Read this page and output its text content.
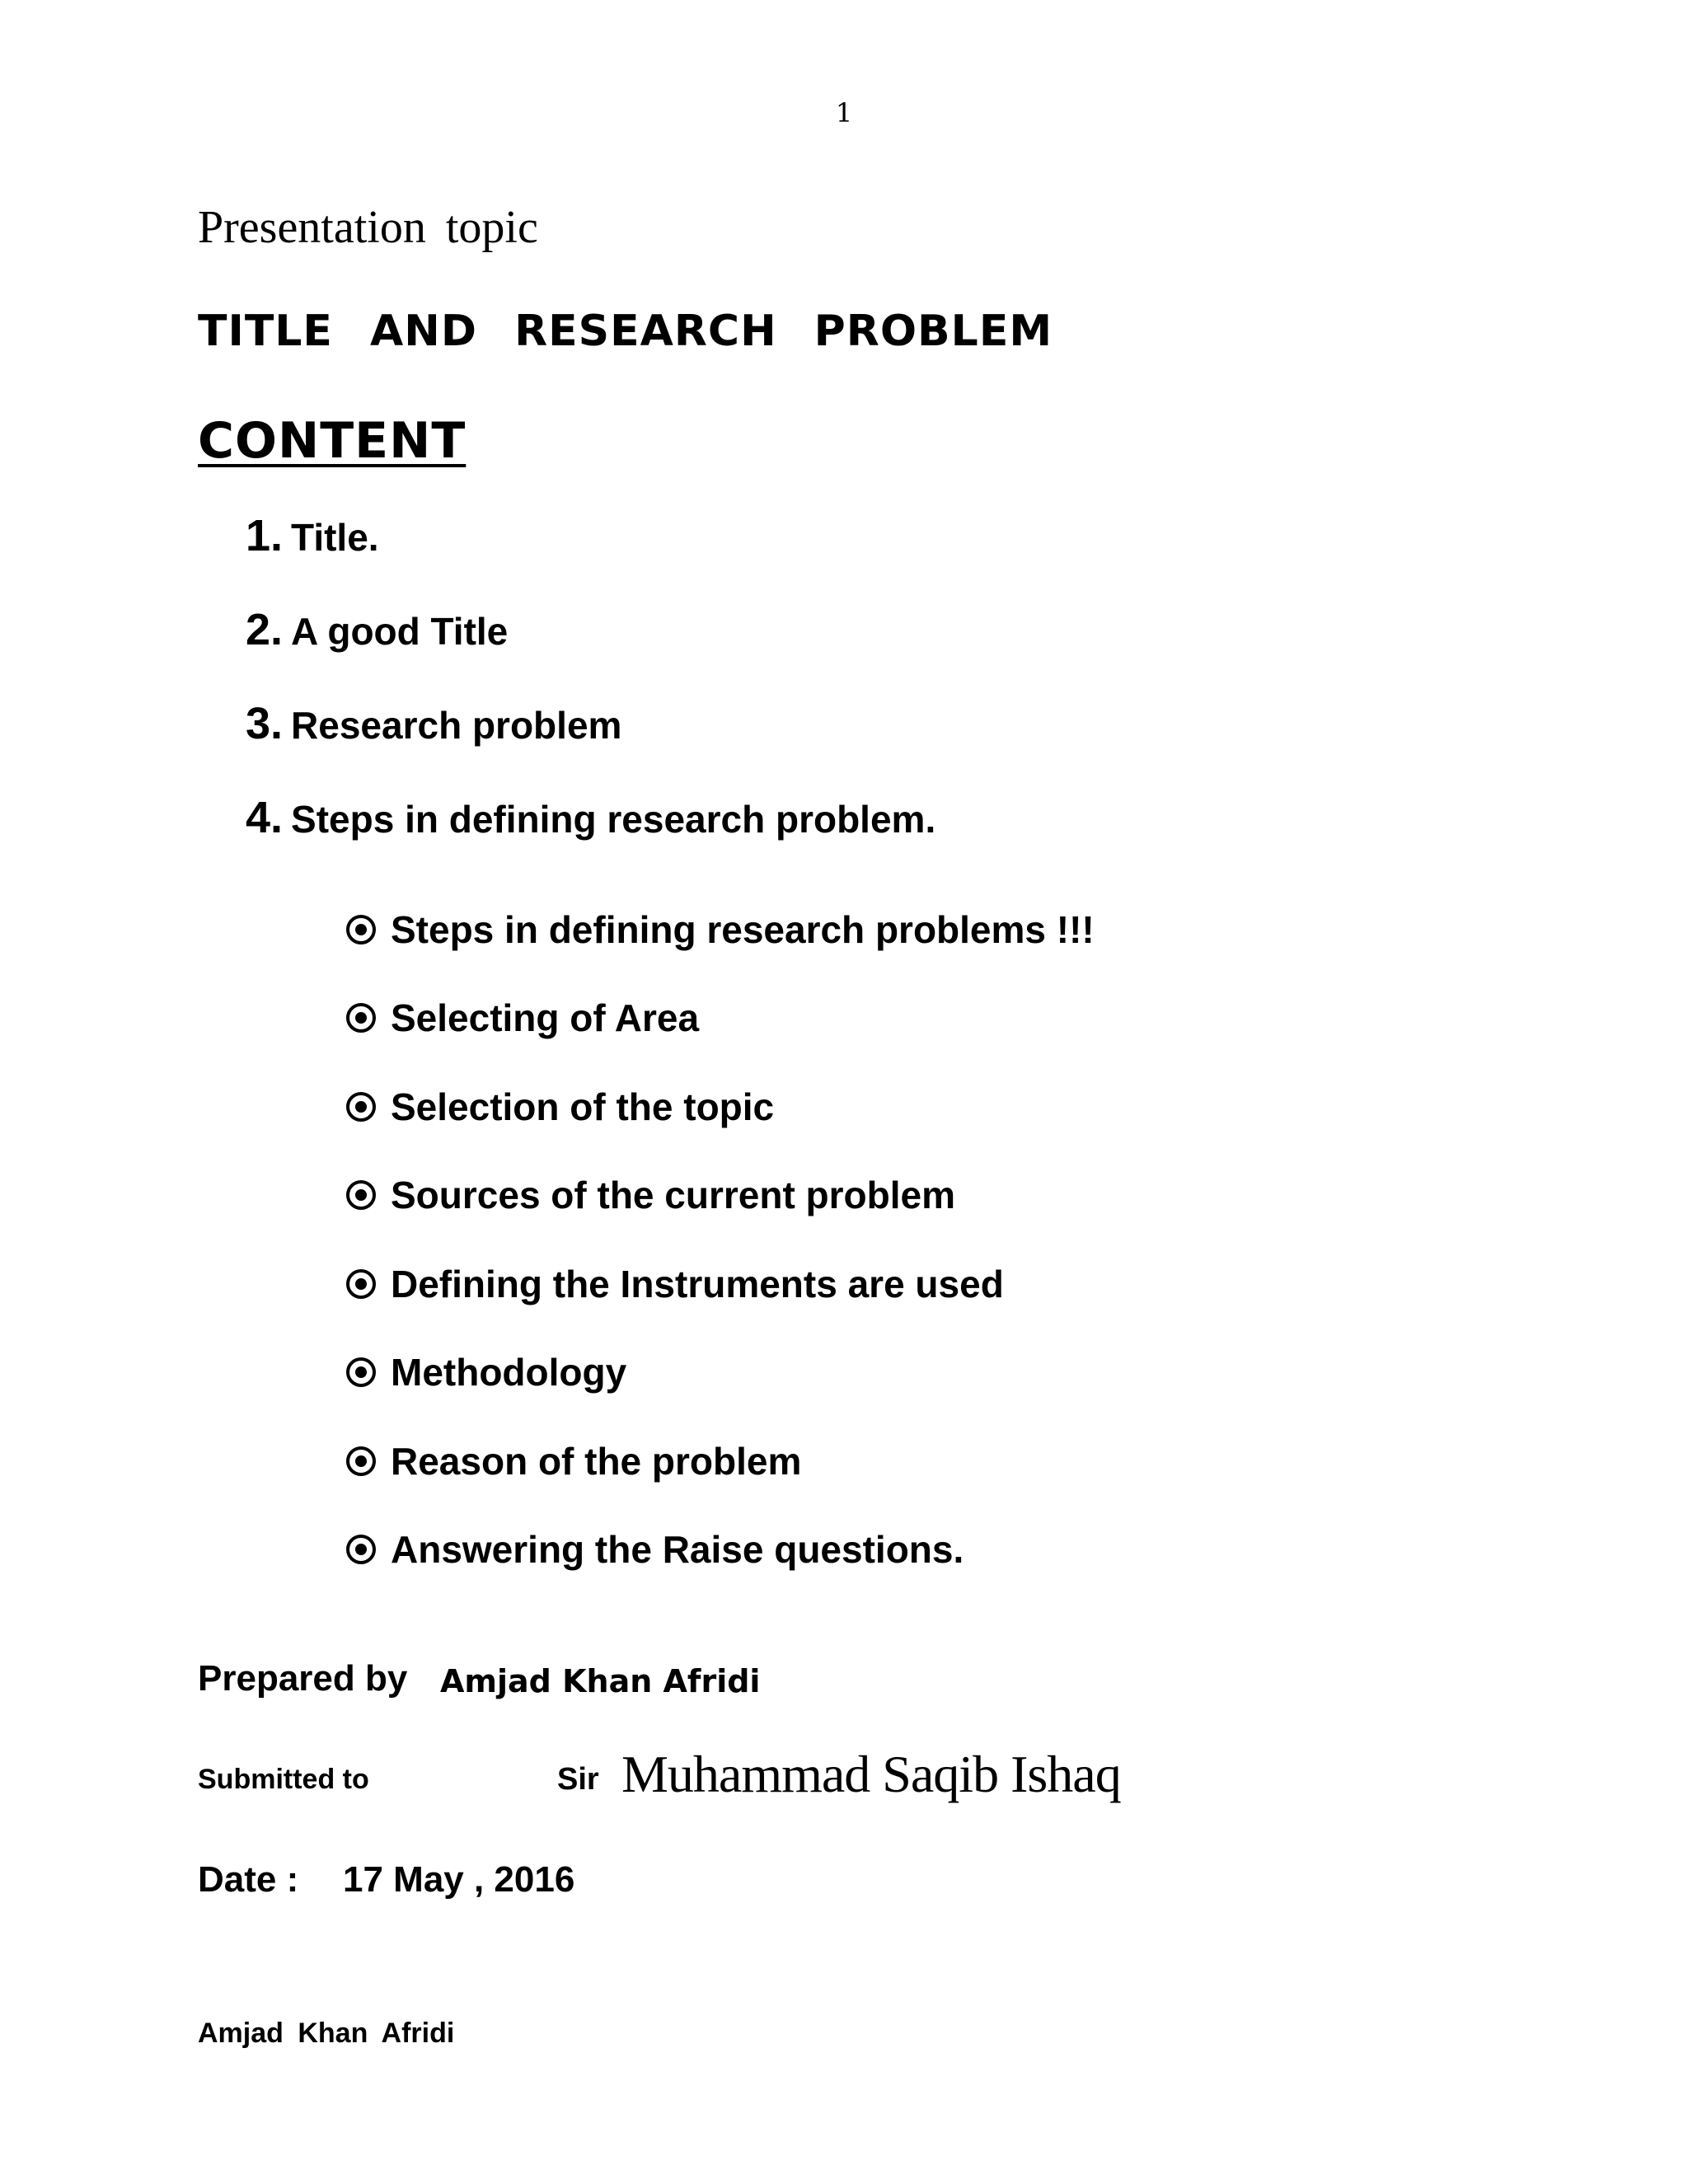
1
Presentation topic
TITLE AND RESEARCH PROBLEM
CONTENT
1. Title.
2. A good Title
3. Research problem
4. Steps in defining research problem.
Steps in defining research problems !!!
Selecting of Area
Selection of the topic
Sources of the current problem
Defining the Instruments are used
Methodology
Reason of the problem
Answering the Raise questions.
Prepared by Amjad Khan Afridi
Submitted to	Sir Muhammad Saqib Ishaq
Date : 17 May , 2016
Amjad Khan Afridi
